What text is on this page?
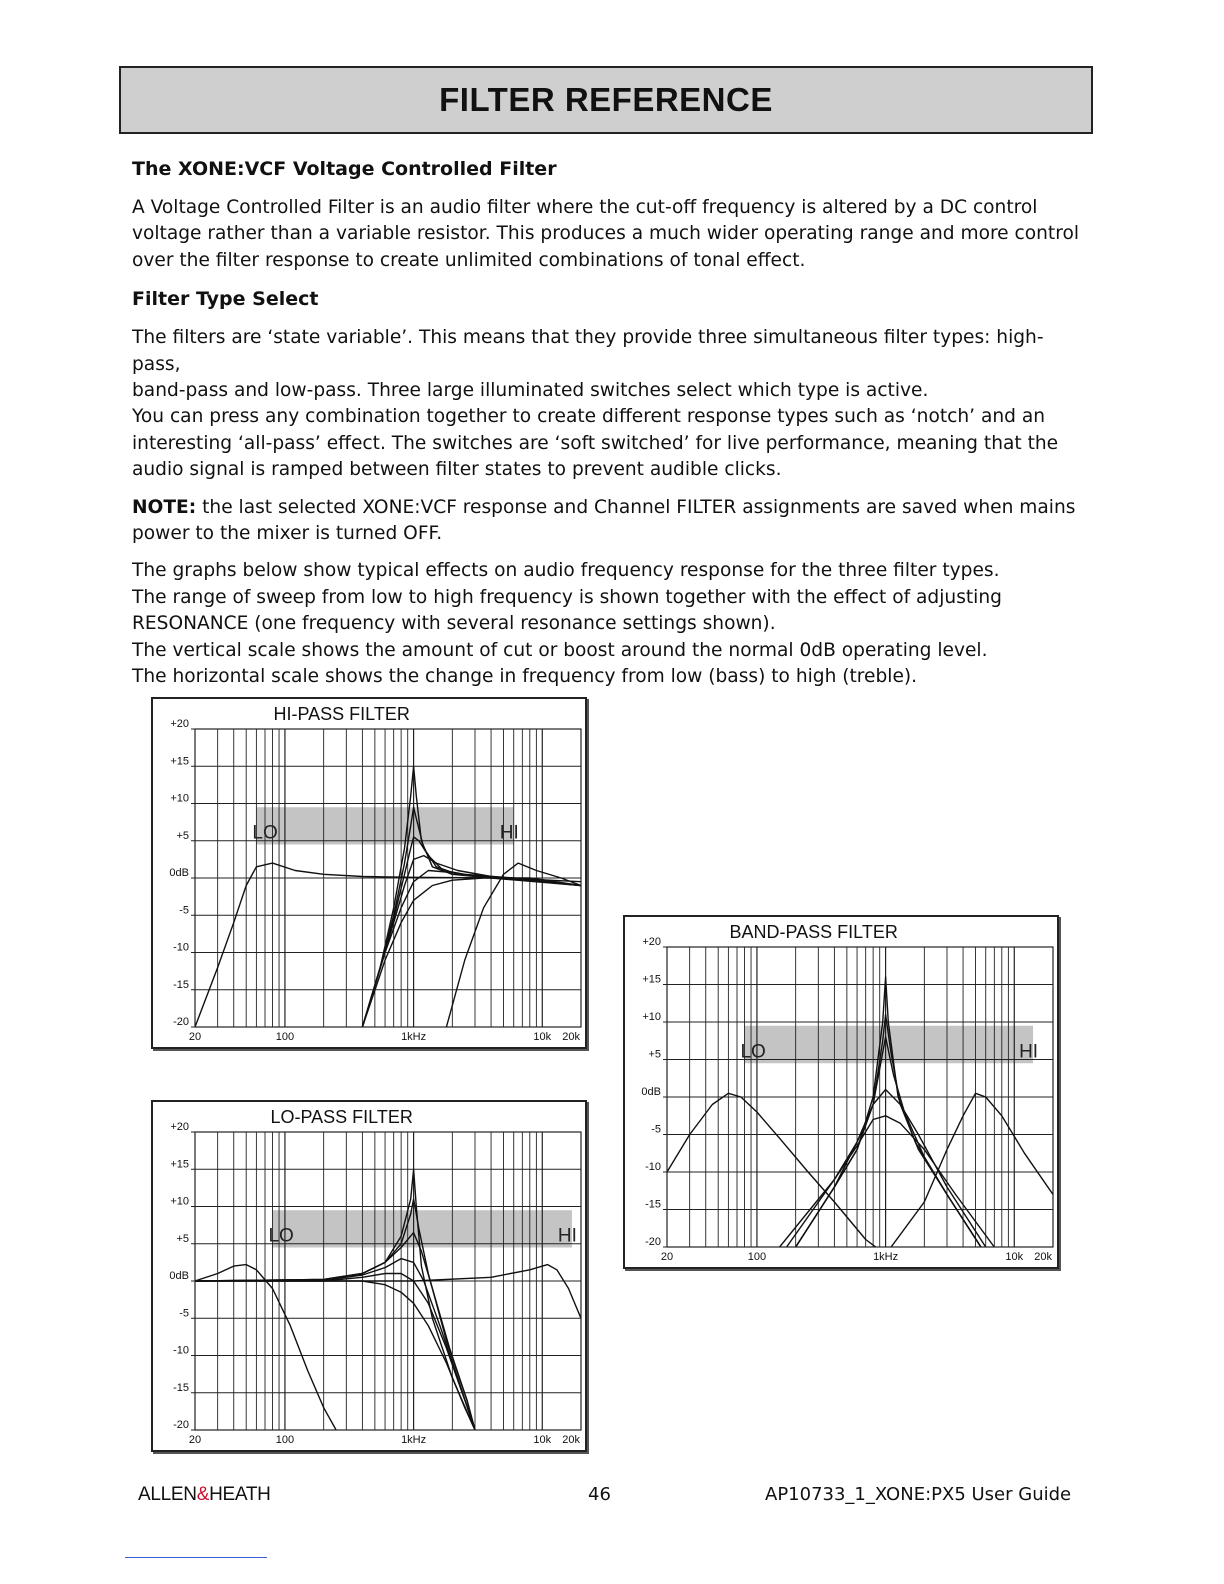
FILTER REFERENCE
The XONE:VCF Voltage Controlled Filter

A Voltage Controlled Filter is an audio filter where the cut-off frequency is altered by a DC control
voltage rather than a variable resistor. This produces a much wider operating range and more control
over the filter response to create unlimited combinations of tonal effect.

Filter Type Select

The filters are ‘state variable’. This means that they provide three simultaneous filter types: high-pass,
band-pass and low-pass. Three large illuminated switches select which type is active.
You can press any combination together to create different response types such as ‘notch’ and an
interesting ‘all-pass’ effect. The switches are ‘soft switched’ for live performance, meaning that the
audio signal is ramped between filter states to prevent audible clicks.

NOTE: the last selected XONE:VCF response and Channel FILTER assignments are saved when mains
power to the mixer is turned OFF.

The graphs below show typical effects on audio frequency response for the three filter types.
The range of sweep from low to high frequency is shown together with the effect of adjusting
RESONANCE (one frequency with several resonance settings shown).
The vertical scale shows the amount of cut or boost around the normal 0dB operating level.
The horizontal scale shows the change in frequency from low (bass) to high (treble).

HI-PASS FILTER
+20
+15
+10
+5
0dB
-5
-10
-15
-20
20	100	1kHz	10k 20k
LO	HI
LO-PASS FILTER
+20
+15
+10
+5
0dB
-5
-10
-15
-20
20	100	1kHz	10k 20k
LO	HI
BAND-PASS FILTER
+20
+15
+10
+5
0dB
-5
-10
-15
-20
20	100	1kHz	10k 20k
LO	HI
ALLEN&HEATH	46	AP10733_1_XONE:PX5 User Guide
